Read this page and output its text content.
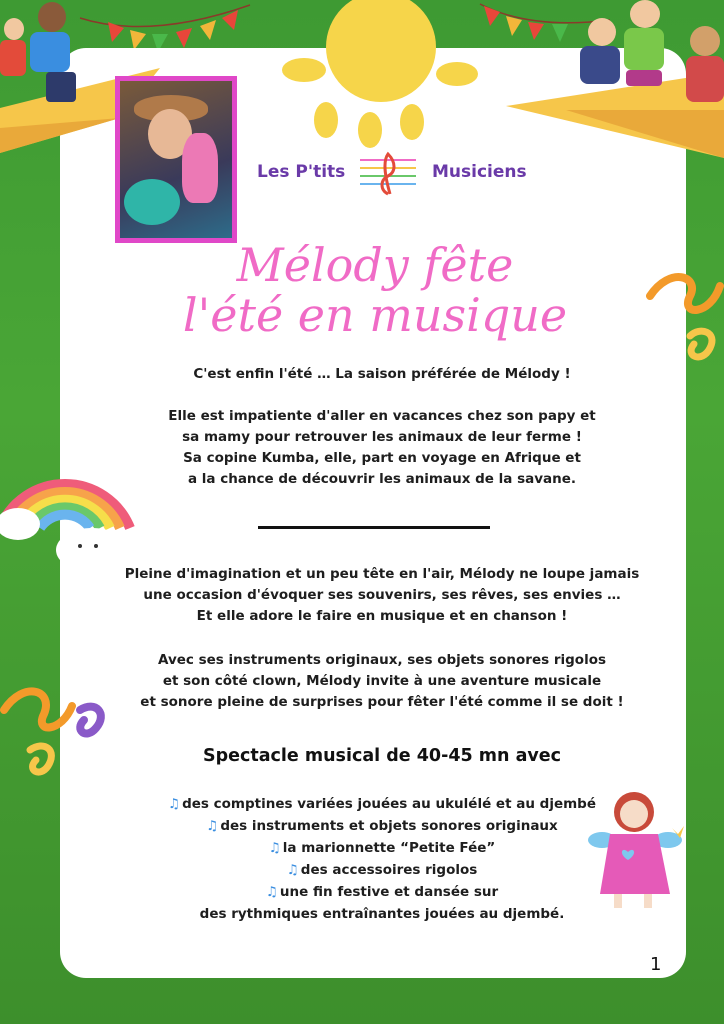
Les P'tits	Musiciens
Mélody fête
l'été en musique
C'est enfin l'été … La saison préférée de Mélody !
Elle est impatiente d'aller en vacances chez son papy et
sa mamy pour retrouver les animaux de leur ferme !
Sa copine Kumba, elle, part en voyage en Afrique et
a la chance de découvrir les animaux de la savane.
Pleine d'imagination et un peu tête en l'air, Mélody ne loupe jamais
une occasion d'évoquer ses souvenirs, ses rêves, ses envies …
Et elle adore le faire en musique et en chanson !
Avec ses instruments originaux, ses objets sonores rigolos
et son côté clown, Mélody invite à une aventure musicale
et sonore pleine de surprises pour fêter l'été comme il se doit !
Spectacle musical de 40-45 mn avec
♫ des comptines variées jouées au ukulélé et au djembé
♫ des instruments et objets sonores originaux
♫ la marionnette “Petite Fée”
♫ des accessoires rigolos
♫ une fin festive et dansée sur
des rythmiques entraînantes jouées au djembé.
1
